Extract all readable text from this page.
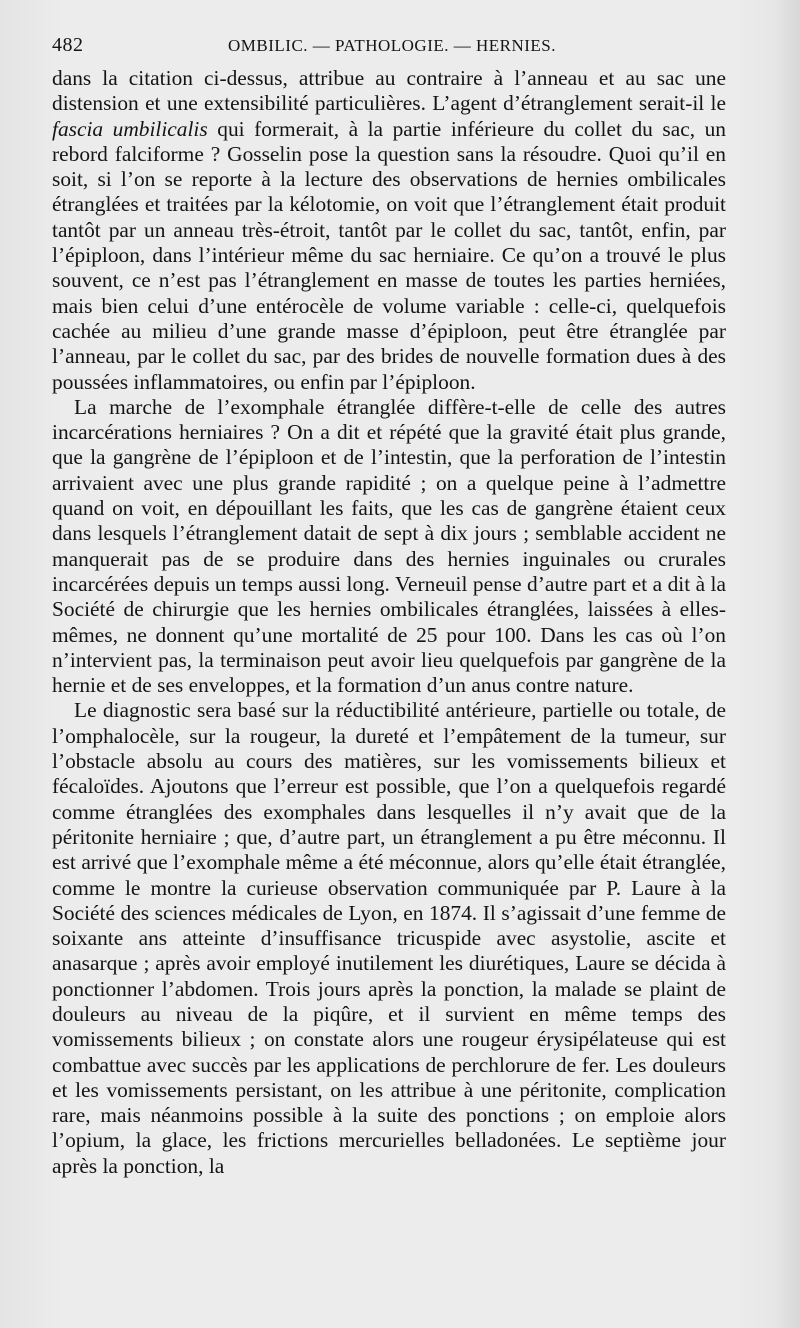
482	OMBILIC. — PATHOLOGIE. — HERNIES.

dans la citation ci-dessus, attribue au contraire à l’anneau et au sac une distension et une extensibilité particulières. L’agent d’étranglement serait-il le fascia umbilicalis qui formerait, à la partie inférieure du collet du sac, un rebord falciforme ? Gosselin pose la question sans la résoudre. Quoi qu’il en soit, si l’on se reporte à la lecture des observations de hernies ombilicales étranglées et traitées par la kélotomie, on voit que l’étranglement était produit tantôt par un anneau très-étroit, tantôt par le collet du sac, tantôt, enfin, par l’épiploon, dans l’intérieur même du sac herniaire. Ce qu’on a trouvé le plus souvent, ce n’est pas l’étranglement en masse de toutes les parties herniées, mais bien celui d’une entérocèle de volume variable : celle-ci, quelquefois cachée au milieu d’une grande masse d’épiploon, peut être étranglée par l’anneau, par le collet du sac, par des brides de nouvelle formation dues à des poussées inflammatoires, ou enfin par l’épiploon.

La marche de l’exomphale étranglée diffère-t-elle de celle des autres incarcérations herniaires ? On a dit et répété que la gravité était plus grande, que la gangrène de l’épiploon et de l’intestin, que la perforation de l’intestin arrivaient avec une plus grande rapidité ; on a quelque peine à l’admettre quand on voit, en dépouillant les faits, que les cas de gangrène étaient ceux dans lesquels l’étranglement datait de sept à dix jours ; semblable accident ne manquerait pas de se produire dans des hernies inguinales ou crurales incarcérées depuis un temps aussi long. Verneuil pense d’autre part et a dit à la Société de chirurgie que les hernies ombilicales étranglées, laissées à elles-mêmes, ne donnent qu’une mortalité de 25 pour 100. Dans les cas où l’on n’intervient pas, la terminaison peut avoir lieu quelquefois par gangrène de la hernie et de ses enveloppes, et la formation d’un anus contre nature.

Le diagnostic sera basé sur la réductibilité antérieure, partielle ou totale, de l’omphalocèle, sur la rougeur, la dureté et l’empâtement de la tumeur, sur l’obstacle absolu au cours des matières, sur les vomissements bilieux et fécaloïdes. Ajoutons que l’erreur est possible, que l’on a quelquefois regardé comme étranglées des exomphales dans lesquelles il n’y avait que de la péritonite herniaire ; que, d’autre part, un étranglement a pu être méconnu. Il est arrivé que l’exomphale même a été méconnue, alors qu’elle était étranglée, comme le montre la curieuse observation communiquée par P. Laure à la Société des sciences médicales de Lyon, en 1874. Il s’agissait d’une femme de soixante ans atteinte d’insuffisance tricuspide avec asystolie, ascite et anasarque ; après avoir employé inutilement les diurétiques, Laure se décida à ponctionner l’abdomen. Trois jours après la ponction, la malade se plaint de douleurs au niveau de la piqûre, et il survient en même temps des vomissements bilieux ; on constate alors une rougeur érysipélateuse qui est combattue avec succès par les applications de perchlorure de fer. Les douleurs et les vomissements persistant, on les attribue à une péritonite, complication rare, mais néanmoins possible à la suite des ponctions ; on emploie alors l’opium, la glace, les frictions mercurielles belladonées. Le septième jour après la ponction, la
